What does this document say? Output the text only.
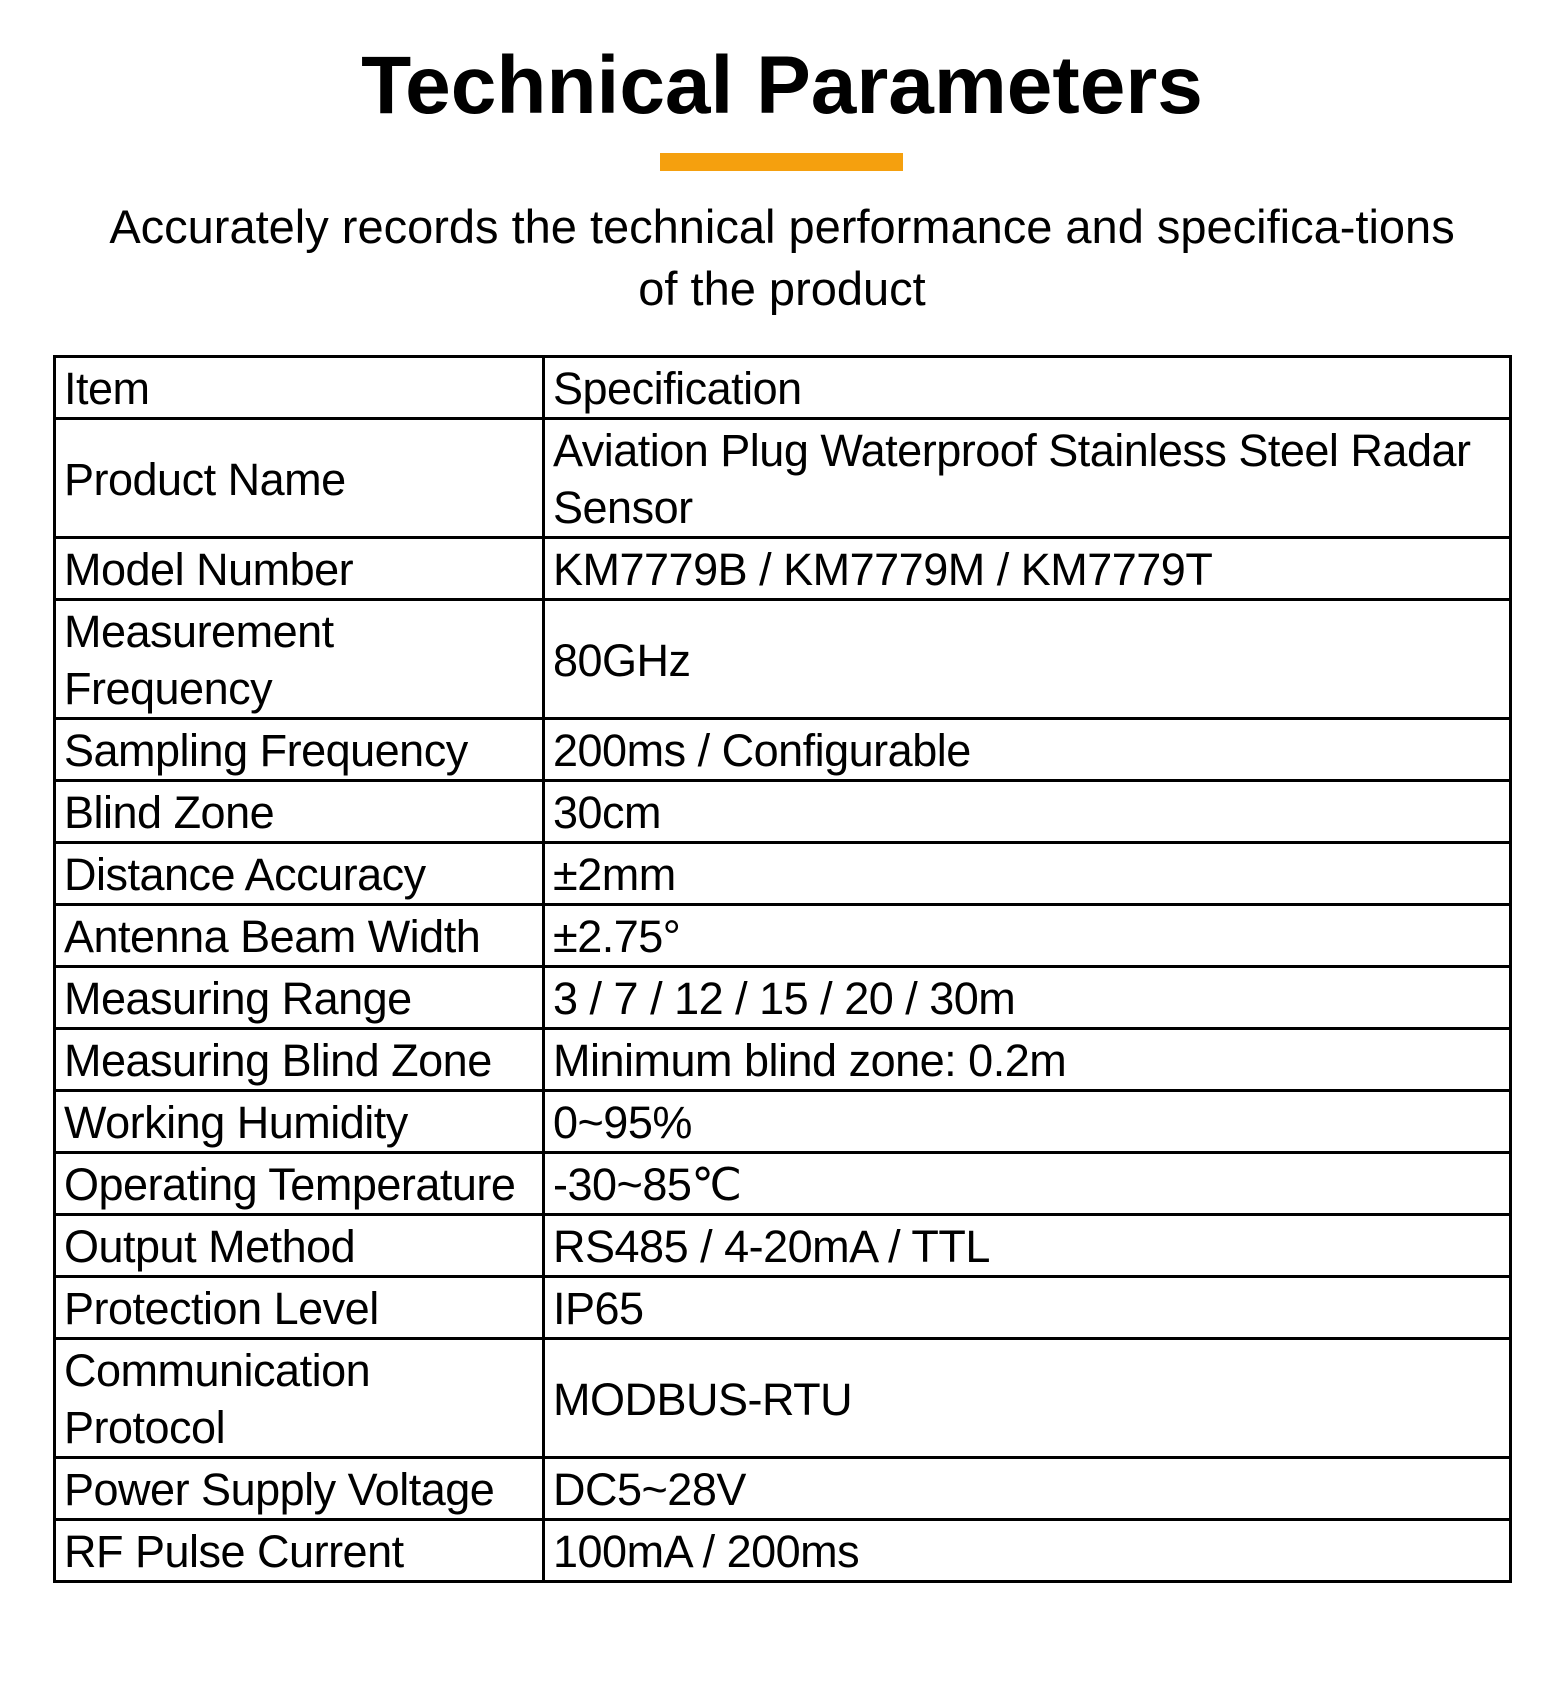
Technical Parameters

Accurately records the technical performance and specifica-tions of the product

Item	Specification
Product Name	Aviation Plug Waterproof Stainless Steel Radar Sensor
Model Number	KM7779B / KM7779M / KM7779T
Measurement Frequency	80GHz
Sampling Frequency	200ms / Configurable
Blind Zone	30cm
Distance Accuracy	±2mm
Antenna Beam Width	±2.75°
Measuring Range	3 / 7 / 12 / 15 / 20 / 30m
Measuring Blind Zone	Minimum blind zone: 0.2m
Working Humidity	0~95%
Operating Temperature	-30~85℃
Output Method	RS485 / 4-20mA / TTL
Protection Level	IP65
Communication Protocol	MODBUS-RTU
Power Supply Voltage	DC5~28V
RF Pulse Current	100mA / 200ms
